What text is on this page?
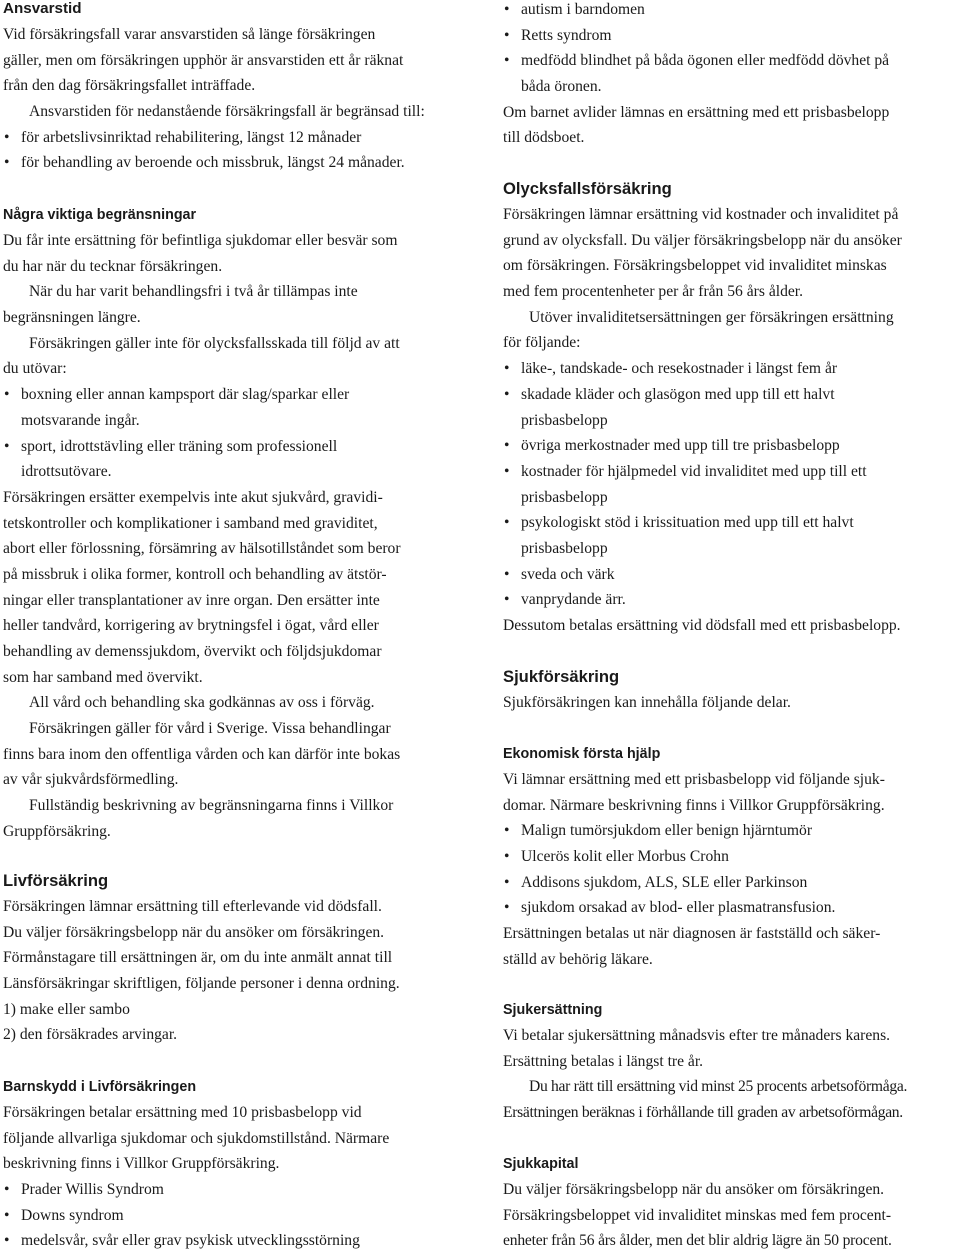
Ansvarstid
Vid försäkringsfall varar ansvarstiden så länge försäkringen
gäller, men om försäkringen upphör är ansvarstiden ett år räknat
från den dag försäkringsfallet inträffade.
Ansvarstiden för nedanstående försäkringsfall är begränsad till:
• för arbetslivsinriktad rehabilitering, längst 12 månader
• för behandling av beroende och missbruk, längst 24 månader.
Några viktiga begränsningar
Du får inte ersättning för befintliga sjukdomar eller besvär som
du har när du tecknar försäkringen.
När du har varit behandlingsfri i två år tillämpas inte
begränsningen längre.
Försäkringen gäller inte för olycksfallsskada till följd av att
du utövar:
• boxning eller annan kampsport där slag/sparkar eller
motsvarande ingår.
• sport, idrottstävling eller träning som professionell
idrottsutövare.
Försäkringen ersätter exempelvis inte akut sjukvård, gravidi-
tetskontroller och komplikationer i samband med graviditet,
abort eller förlossning, försämring av hälsotillståndet som beror
på missbruk i olika former, kontroll och behandling av ätstör-
ningar eller transplantationer av inre organ. Den ersätter inte
heller tandvård, korrigering av brytningsfel i ögat, vård eller
behandling av demenssjukdom, övervikt och följdsjukdomar
som har samband med övervikt.
All vård och behandling ska godkännas av oss i förväg.
Försäkringen gäller för vård i Sverige. Vissa behandlingar
finns bara inom den offentliga vården och kan därför inte bokas
av vår sjukvårdsförmedling.
Fullständig beskrivning av begränsningarna finns i Villkor
Gruppförsäkring.
Livförsäkring
Försäkringen lämnar ersättning till efterlevande vid dödsfall.
Du väljer försäkringsbelopp när du ansöker om försäkringen.
Förmånstagare till ersättningen är, om du inte anmält annat till
Länsförsäkringar skriftligen, följande personer i denna ordning.
1) make eller sambo
2) den försäkrades arvingar.
Barnskydd i Livförsäkringen
Försäkringen betalar ersättning med 10 prisbasbelopp vid
följande allvarliga sjukdomar och sjukdomstillstånd. Närmare
beskrivning finns i Villkor Gruppförsäkring.
• Prader Willis Syndrom
• Downs syndrom
• medelsvår, svår eller grav psykisk utvecklingsstörning
• autism i barndomen
• Retts syndrom
• medfödd blindhet på båda ögonen eller medfödd dövhet på
båda öronen.
Om barnet avlider lämnas en ersättning med ett prisbasbelopp
till dödsboet.
Olycksfallsförsäkring
Försäkringen lämnar ersättning vid kostnader och invaliditet på
grund av olycksfall. Du väljer försäkringsbelopp när du ansöker
om försäkringen. Försäkringsbeloppet vid invaliditet minskas
med fem procentenheter per år från 56 års ålder.
Utöver invaliditetsersättningen ger försäkringen ersättning
för följande:
• läke-, tandskade- och resekostnader i längst fem år
• skadade kläder och glasögon med upp till ett halvt
prisbasbelopp
• övriga merkostnader med upp till tre prisbasbelopp
• kostnader för hjälpmedel vid invaliditet med upp till ett
prisbasbelopp
• psykologiskt stöd i krissituation med upp till ett halvt
prisbasbelopp
• sveda och värk
• vanprydande ärr.
Dessutom betalas ersättning vid dödsfall med ett prisbasbelopp.
Sjukförsäkring
Sjukförsäkringen kan innehålla följande delar.
Ekonomisk första hjälp
Vi lämnar ersättning med ett prisbasbelopp vid följande sjuk-
domar. Närmare beskrivning finns i Villkor Gruppförsäkring.
• Malign tumörsjukdom eller benign hjärntumör
• Ulcerös kolit eller Morbus Crohn
• Addisons sjukdom, ALS, SLE eller Parkinson
• sjukdom orsakad av blod- eller plasmatransfusion.
Ersättningen betalas ut när diagnosen är fastställd och säker-
ställd av behörig läkare.
Sjukersättning
Vi betalar sjukersättning månadsvis efter tre månaders karens.
Ersättning betalas i längst tre år.
Du har rätt till ersättning vid minst 25 procents arbetsoförmåga.
Ersättningen beräknas i förhållande till graden av arbetsoförmågan.
Sjukkapital
Du väljer försäkringsbelopp när du ansöker om försäkringen.
Försäkringsbeloppet vid invaliditet minskas med fem procent-
enheter från 56 års ålder, men det blir aldrig lägre än 50 procent.
